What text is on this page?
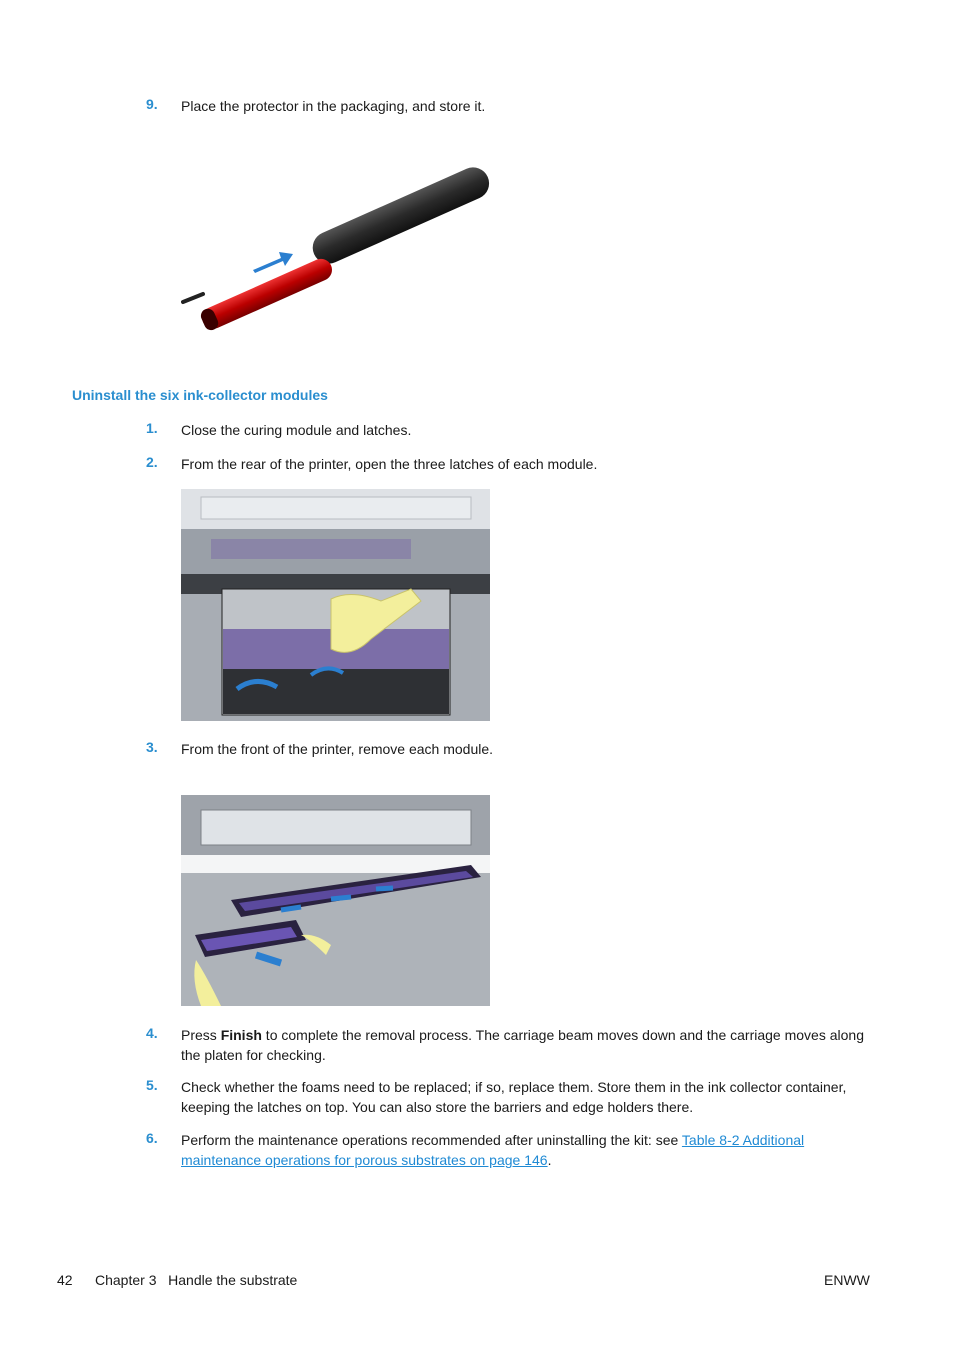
9. Place the protector in the packaging, and store it.
Uninstall the six ink-collector modules
1. Close the curing module and latches.
2. From the rear of the printer, open the three latches of each module.
3. From the front of the printer, remove each module.
4. Press Finish to complete the removal process. The carriage beam moves down and the carriage moves along the platen for checking.
5. Check whether the foams need to be replaced; if so, replace them. Store them in the ink collector container, keeping the latches on top. You can also store the barriers and edge holders there.
6. Perform the maintenance operations recommended after uninstalling the kit: see Table 8-2 Additional maintenance operations for porous substrates on page 146.
42 Chapter 3   Handle the substrate	ENWW
